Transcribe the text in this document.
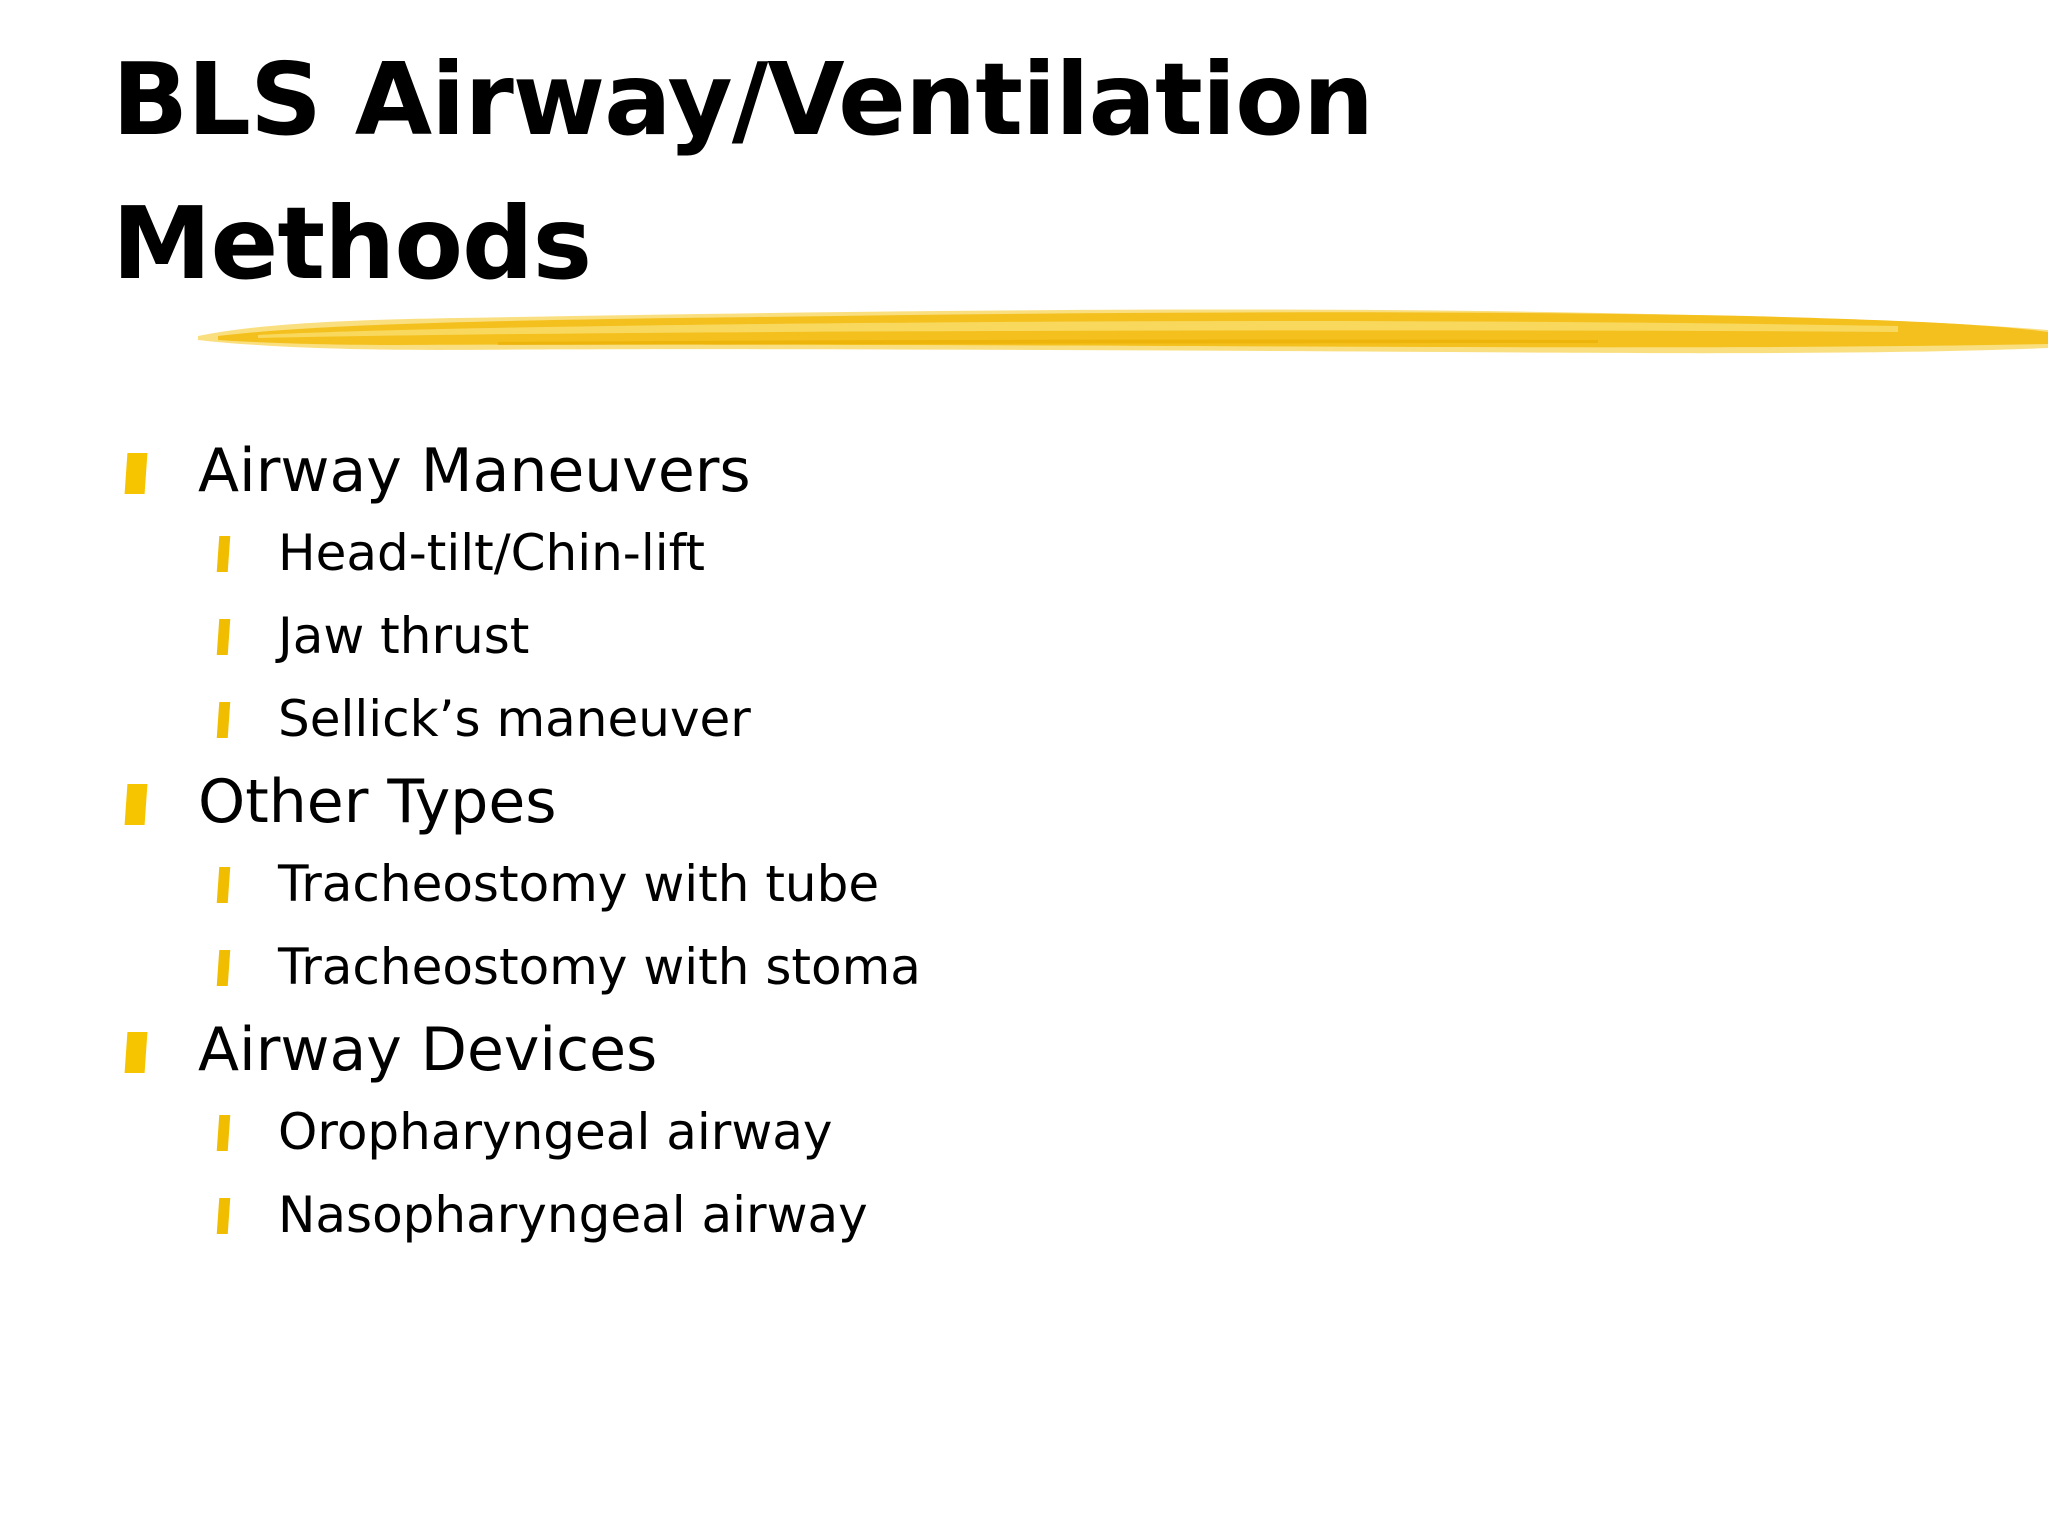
BLS Airway/Ventilation
Methods
Airway Maneuvers
Head-tilt/Chin-lift
Jaw thrust
Sellick’s maneuver
Other Types
Tracheostomy with tube
Tracheostomy with stoma
Airway Devices
Oropharyngeal airway
Nasopharyngeal airway
